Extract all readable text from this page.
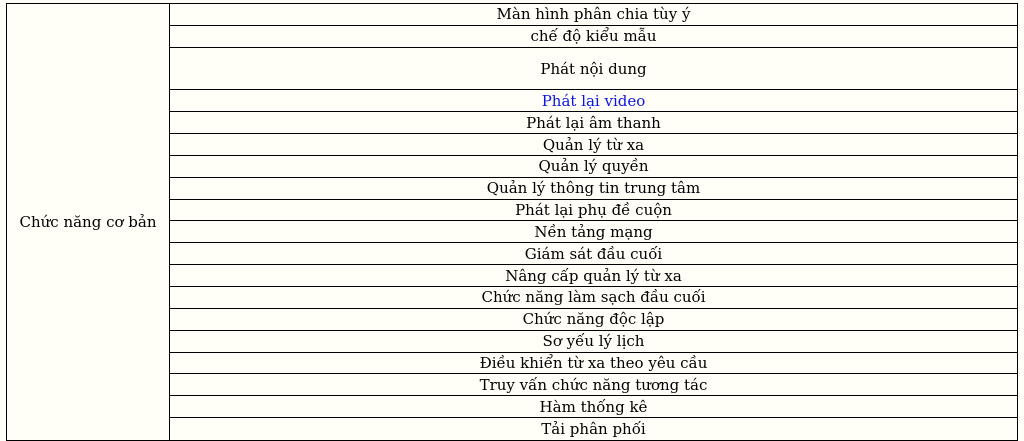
Chức năng cơ bản
Màn hình phân chia tùy ý
chế độ kiểu mẫu
Phát nội dung
Phát lại video
Phát lại âm thanh
Quản lý từ xa
Quản lý quyền
Quản lý thông tin trung tâm
Phát lại phụ đề cuộn
Nền tảng mạng
Giám sát đầu cuối
Nâng cấp quản lý từ xa
Chức năng làm sạch đầu cuối
Chức năng độc lập
Sơ yếu lý lịch
Điều khiển từ xa theo yêu cầu
Truy vấn chức năng tương tác
Hàm thống kê
Tải phân phối
